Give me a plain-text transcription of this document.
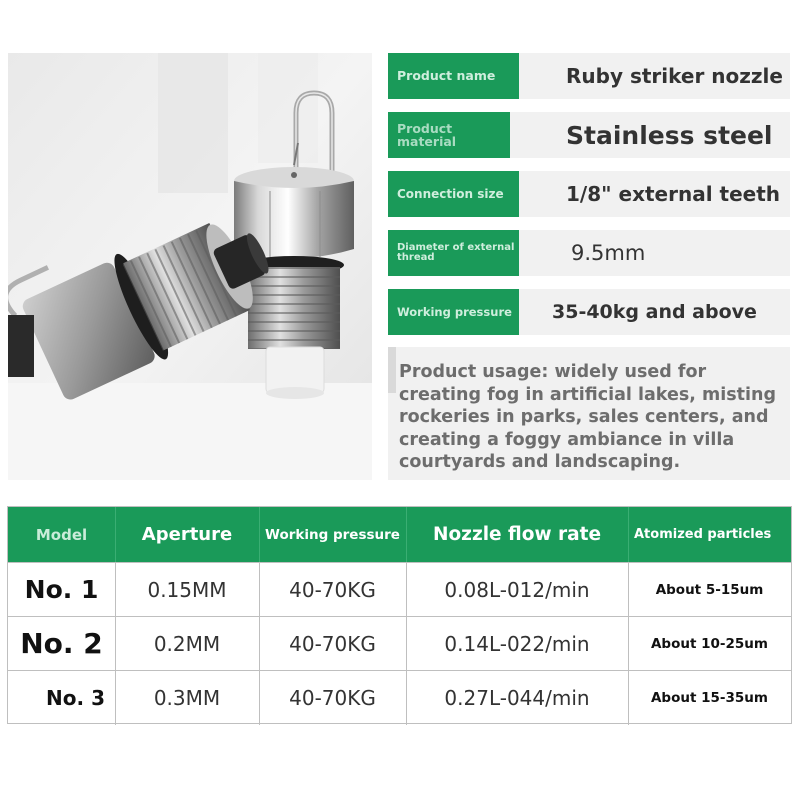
Product name	Ruby striker nozzle
Product material	Stainless steel
Connection size	1/8" external teeth
Diameter of external thread	9.5mm
Working pressure	35-40kg and above
Product usage: widely used for creating fog in artificial lakes, misting rockeries in parks, sales centers, and creating a foggy ambiance in villa courtyards and landscaping.
Model	Aperture	Working pressure	Nozzle flow rate	Atomized particles
No. 1	0.15MM	40-70KG	0.08L-012/min	About 5-15um
No. 2	0.2MM	40-70KG	0.14L-022/min	About 10-25um
No. 3	0.3MM	40-70KG	0.27L-044/min	About 15-35um
